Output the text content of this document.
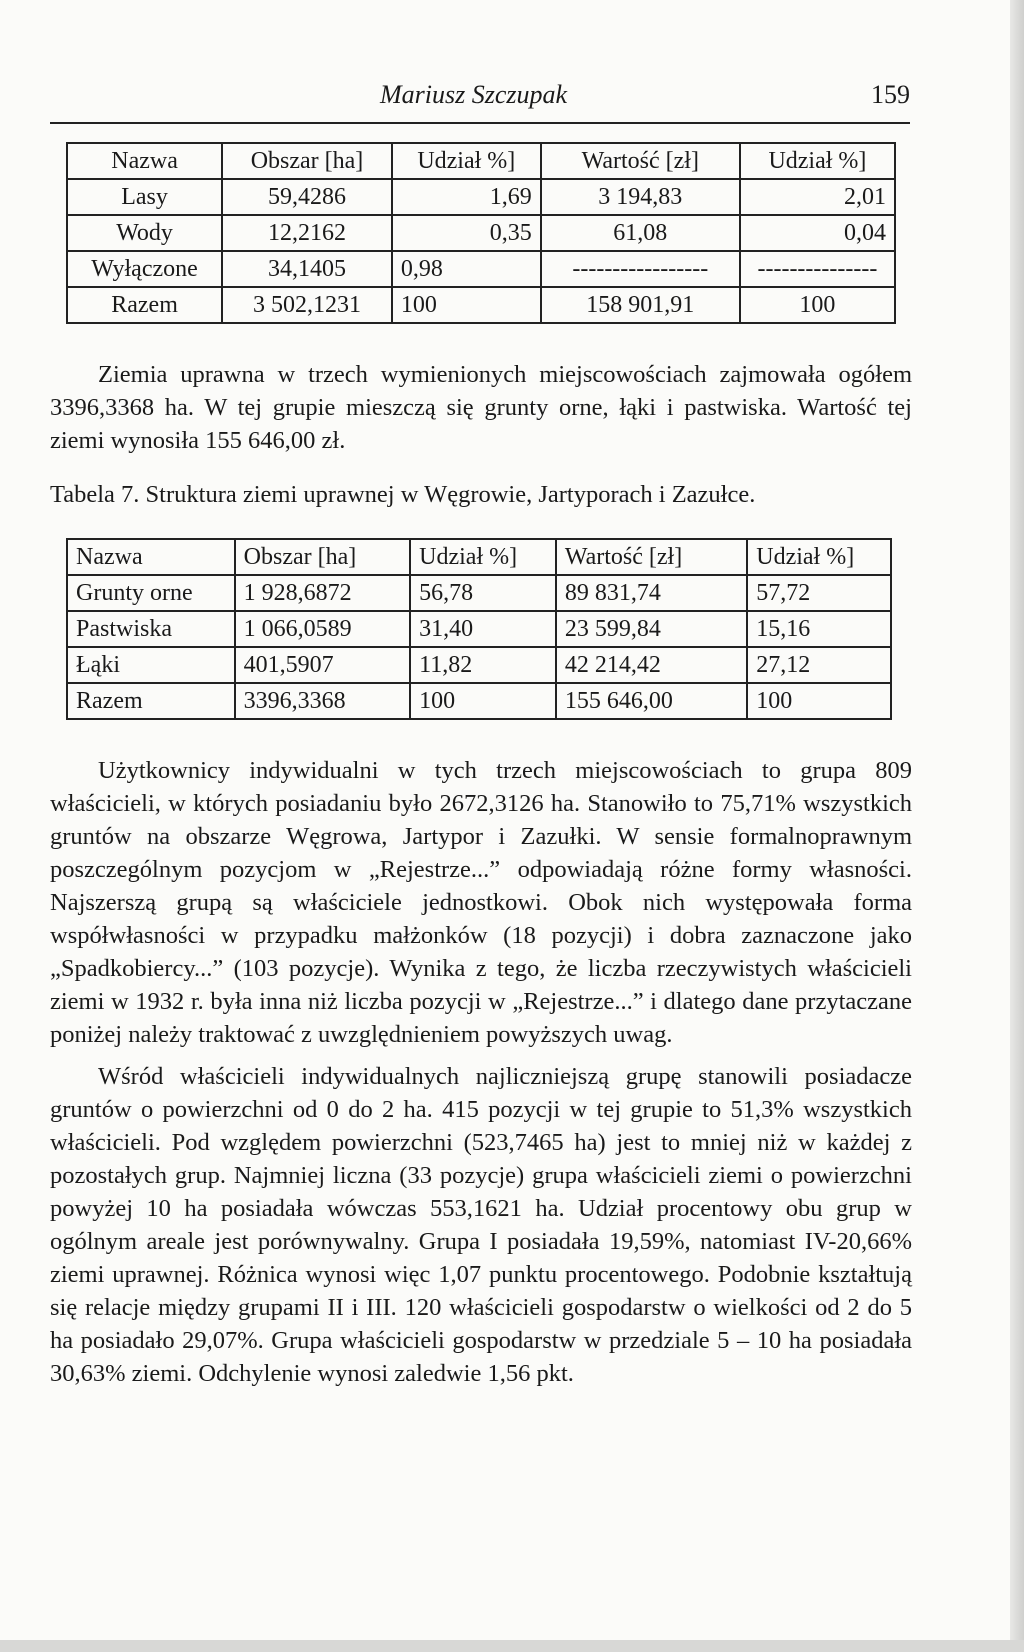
Mariusz Szczupak	159
Nazwa	Obszar [ha]	Udział %]	Wartość [zł]	Udział %]
Lasy	59,4286	1,69	3 194,83	2,01
Wody	12,2162	0,35	61,08	0,04
Wyłączone	34,1405	0,98	-----------------	---------------
Razem	3 502,1231	100	158 901,91	100

Ziemia uprawna w trzech wymienionych miejscowościach zajmowała ogółem 3396,3368 ha. W tej grupie mieszczą się grunty orne, łąki i pastwiska. Wartość tej ziemi wynosiła 155 646,00 zł.

Tabela 7. Struktura ziemi uprawnej w Węgrowie, Jartyporach i Zazułce.

Nazwa	Obszar [ha]	Udział %]	Wartość [zł]	Udział %]
Grunty orne	1 928,6872	56,78	89 831,74	57,72
Pastwiska	1 066,0589	31,40	23 599,84	15,16
Łąki	401,5907	11,82	42 214,42	27,12
Razem	3396,3368	100	155 646,00	100

Użytkownicy indywidualni w tych trzech miejscowościach to grupa 809 właścicieli, w których posiadaniu było 2672,3126 ha. Stanowiło to 75,71% wszystkich gruntów na obszarze Węgrowa, Jartypor i Zazułki. W sensie formalnoprawnym poszczególnym pozycjom w „Rejestrze...” odpowiadają różne formy własności. Najszerszą grupą są właściciele jednostkowi. Obok nich występowała forma współwłasności w przypadku małżonków (18 pozycji) i dobra zaznaczone jako „Spadkobiercy...” (103 pozycje). Wynika z tego, że liczba rzeczywistych właścicieli ziemi w 1932 r. była inna niż liczba pozycji w „Rejestrze...” i dlatego dane przytaczane poniżej należy traktować z uwzględnieniem powyższych uwag.

Wśród właścicieli indywidualnych najliczniejszą grupę stanowili posiadacze gruntów o powierzchni od 0 do 2 ha. 415 pozycji w tej grupie to 51,3% wszystkich właścicieli. Pod względem powierzchni (523,7465 ha) jest to mniej niż w każdej z pozostałych grup. Najmniej liczna (33 pozycje) grupa właścicieli ziemi o powierzchni powyżej 10 ha posiadała wówczas 553,1621 ha. Udział procentowy obu grup w ogólnym areale jest porównywalny. Grupa I posiadała 19,59%, natomiast IV-20,66% ziemi uprawnej. Różnica wynosi więc 1,07 punktu procentowego. Podobnie kształtują się relacje między grupami II i III. 120 właścicieli gospodarstw o wielkości od 2 do 5 ha posiadało 29,07%. Grupa właścicieli gospodarstw w przedziale 5 – 10 ha posiadała 30,63% ziemi. Odchylenie wynosi zaledwie 1,56 pkt.
